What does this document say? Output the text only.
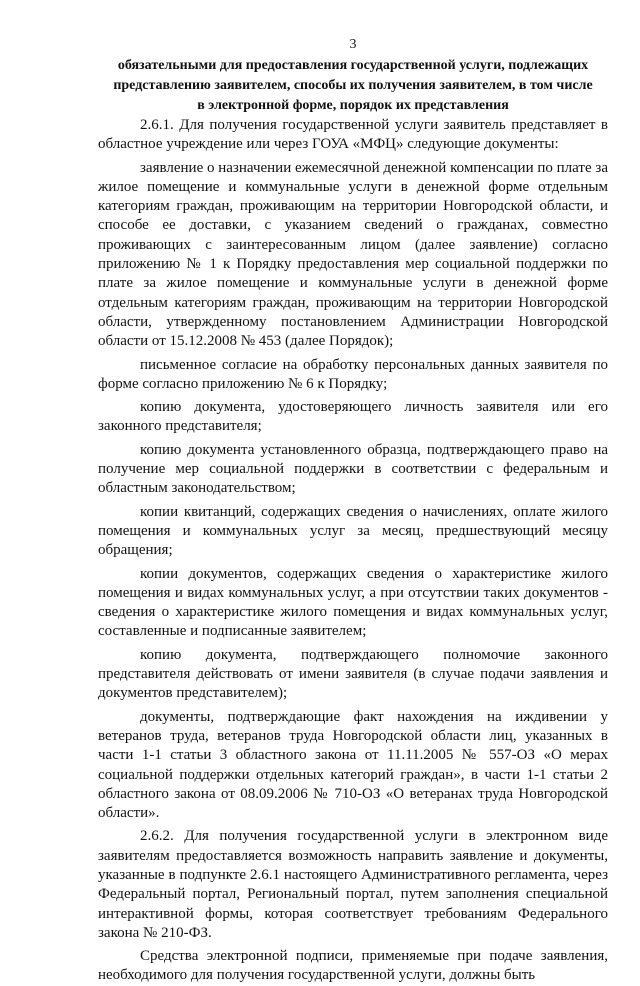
3
обязательными для предоставления государственной услуги, подлежащих
представлению заявителем, способы их получения заявителем, в том числе
в электронной форме, порядок их представления

2.6.1. Для получения государственной услуги заявитель представляет в областное учреждение или через ГОУА «МФЦ» следующие документы:

заявление о назначении ежемесячной денежной компенсации по плате за жилое помещение и коммунальные услуги в денежной форме отдельным категориям граждан, проживающим на территории Новгородской области, и способе ее доставки, с указанием сведений о гражданах, совместно проживающих с заинтересованным лицом (далее заявление) согласно приложению № 1 к Порядку предоставления мер социальной поддержки по плате за жилое помещение и коммунальные услуги в денежной форме отдельным категориям граждан, проживающим на территории Новгородской области, утвержденному постановлением Администрации Новгородской области от 15.12.2008 № 453 (далее Порядок);

письменное согласие на обработку персональных данных заявителя по форме согласно приложению № 6 к Порядку;

копию документа, удостоверяющего личность заявителя или его законного представителя;

копию документа установленного образца, подтверждающего право на получение мер социальной поддержки в соответствии с федеральным и областным законодательством;

копии квитанций, содержащих сведения о начислениях, оплате жилого помещения и коммунальных услуг за месяц, предшествующий месяцу обращения;

копии документов, содержащих сведения о характеристике жилого помещения и видах коммунальных услуг, а при отсутствии таких документов - сведения о характеристике жилого помещения и видах коммунальных услуг, составленные и подписанные заявителем;

копию документа, подтверждающего полномочие законного представителя действовать от имени заявителя (в случае подачи заявления и документов представителем);

документы, подтверждающие факт нахождения на иждивении у ветеранов труда, ветеранов труда Новгородской области лиц, указанных в части 1-1 статьи 3 областного закона от 11.11.2005 № 557-ОЗ «О мерах социальной поддержки отдельных категорий граждан», в части 1-1 статьи 2 областного закона от 08.09.2006 № 710-ОЗ «О ветеранах труда Новгородской области».

2.6.2. Для получения государственной услуги в электронном виде заявителям предоставляется возможность направить заявление и документы, указанные в подпункте 2.6.1 настоящего Административного регламента, через Федеральный портал, Региональный портал, путем заполнения специальной интерактивной формы, которая соответствует требованиям Федерального закона № 210-ФЗ.

Средства электронной подписи, применяемые при подаче заявления, необходимого для получения государственной услуги, должны быть
